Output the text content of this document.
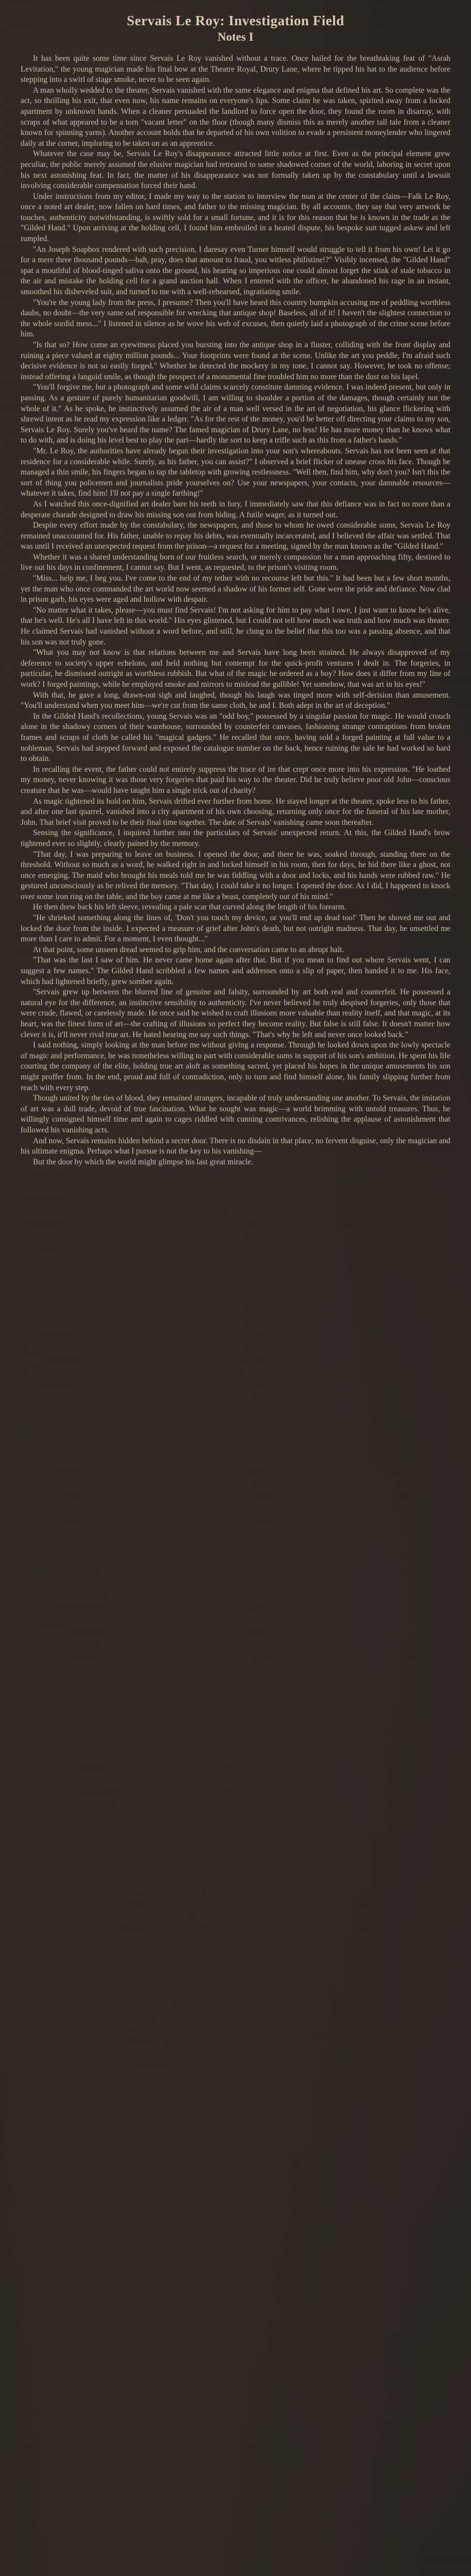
Servais Le Roy: Investigation Field
Notes I

It has been quite some time since Servais Le Roy vanished without a trace. Once hailed for the breathtaking feat of "Asrah Levitation," the young magician made his final bow at the Theatre Royal, Drury Lane, where he tipped his hat to the audience before stepping into a swirl of stage smoke, never to be seen again.

A man wholly wedded to the theater, Servais vanished with the same elegance and enigma that defined his art. So complete was the act, so thrilling his exit, that even now, his name remains on everyone's lips. Some claim he was taken, spirited away from a locked apartment by unknown hands. When a cleaner persuaded the landlord to force open the door, they found the room in disarray, with scraps of what appeared to be a torn "vacant letter" on the floor (though many dismiss this as merely another tall tale from a cleaner known for spinning yarns). Another account holds that he departed of his own volition to evade a persistent moneylender who lingered daily at the corner, imploring to be taken on as an apprentice.

Whatever the case may be, Servais Le Roy's disappearance attracted little notice at first. Even as the principal element grew peculiar, the public merely assumed the elusive magician had retreated to some shadowed corner of the world, laboring in secret upon his next astonishing feat. In fact, the matter of his disappearance was not formally taken up by the constabulary until a lawsuit involving considerable compensation forced their hand.

Under instructions from my editor, I made my way to the station to interview the man at the center of the claim—Falk Le Roy, once a noted art dealer, now fallen on hard times, and father to the missing magician. By all accounts, they say that very artwork he touches, authenticity notwithstanding, is swiftly sold for a small fortune, and it is for this reason that he is known in the trade as the "Gilded Hand." Upon arriving at the holding cell, I found him embroiled in a heated dispute, his bespoke suit tugged askew and left rumpled.

"An Joseph Soapbox rendered with such precision, I daresay even Turner himself would struggle to tell it from his own! Let it go for a mere three thousand pounds—bah, pray, does that amount to fraud, you witless philistine!?" Visibly incensed, the "Gilded Hand" spat a mouthful of blood-tinged saliva onto the ground, his hearing so imperious one could almost forget the stink of stale tobacco in the air and mistake the holding cell for a grand auction hall. When I entered with the officer, he abandoned his rage in an instant, smoothed his disheveled suit, and turned to me with a well-rehearsed, ingratiating smile.

"You're the young lady from the press, I presume? Then you'll have heard this country bumpkin accusing me of peddling worthless daubs, no doubt—the very same oaf responsible for wrecking that antique shop! Baseless, all of it! I haven't the slightest connection to the whole sordid mess..." I listened in silence as he wove his web of excuses, then quietly laid a photograph of the crime scene before him.

"Is that so? How come an eyewitness placed you bursting into the antique shop in a fluster, colliding with the front display and ruining a piece valued at eighty million pounds... Your footprints were found at the scene. Unlike the art you peddle, I'm afraid such decisive evidence is not so easily forged." Whether he detected the mockery in my tone, I cannot say. However, he took no offense; instead offering a languid smile, as though the prospect of a monumental fine troubled him no more than the dust on his lapel.

"You'll forgive me, but a photograph and some wild claims scarcely constitute damning evidence. I was indeed present, but only in passing. As a gesture of purely humanitarian goodwill, I am willing to shoulder a portion of the damages, though certainly not the whole of it." As he spoke, he instinctively assumed the air of a man well versed in the art of negotiation, his glance flickering with shrewd intent as he read my expression like a ledger. "As for the rest of the money, you'd be better off directing your claims to my son, Servais Le Roy. Surely you've heard the name? The famed magician of Drury Lane, no less! He has more money than he knows what to do with, and is doing his level best to play the part—hardly the sort to keep a trifle such as this from a father's hands."

"Mr. Le Roy, the authorities have already begun their investigation into your son's whereabouts. Servais has not been seen at that residence for a considerable while. Surely, as his father, you can assist?" I observed a brief flicker of unease cross his face. Though he managed a thin smile, his fingers began to tap the tabletop with growing restlessness. "Well then, find him, why don't you? Isn't this the sort of thing you policemen and journalists pride yourselves on? Use your newspapers, your contacts, your damnable resources—whatever it takes, find him! I'll not pay a single farthing!"

As I watched this once-dignified art dealer bare his teeth in fury, I immediately saw that this defiance was in fact no more than a desperate charade designed to draw his missing son out from hiding. A futile wager, as it turned out.

Despite every effort made by the constabulary, the newspapers, and those to whom he owed considerable sums, Servais Le Roy remained unaccounted for. His father, unable to repay his debts, was eventually incarcerated, and I believed the affair was settled. That was until I received an unexpected request from the prison—a request for a meeting, signed by the man known as the "Gilded Hand."

Whether it was a shared understanding born of our fruitless search, or merely compassion for a man approaching fifty, destined to live out his days in confinement, I cannot say. But I went, as requested, to the prison's visiting room.

"Miss... help me, I beg you. I've come to the end of my tether with no recourse left but this." It had been but a few short months, yet the man who once commanded the art world now seemed a shadow of his former self. Gone were the pride and defiance. Now clad in prison garb, his eyes were aged and hollow with despair.

"No matter what it takes, please—you must find Servais! I'm not asking for him to pay what I owe, I just want to know he's alive, that he's well. He's all I have left in this world." His eyes glistened, but I could not tell how much was truth and how much was theater. He claimed Servais had vanished without a word before, and still, he clung to the belief that this too was a passing absence, and that his son was not truly gone.

"What you may not know is that relations between me and Servais have long been strained. He always disapproved of my deference to society's upper echelons, and held nothing but contempt for the quick-profit ventures I dealt in. The forgeries, in particular, he dismissed outright as worthless rubbish. But what of the magic he ordered as a boy? How does it differ from my line of work? I forged paintings, while he employed smoke and mirrors to mislead the gullible! Yet somehow, that was art in his eyes!"

With that, he gave a long, drawn-out sigh and laughed, though his laugh was tinged more with self-derision than amusement. "You'll understand when you meet him—we're cut from the same cloth, he and I. Both adept in the art of deception."

In the Gilded Hand's recollections, young Servais was an "odd boy," possessed by a singular passion for magic. He would crouch alone in the shadowy corners of their warehouse, surrounded by counterfeit canvases, fashioning strange contraptions from broken frames and scraps of cloth he called his "magical gadgets." He recalled that once, having sold a forged painting at full value to a nobleman, Servais had stepped forward and exposed the catalogue number on the back, hence ruining the sale he had worked so hard to obtain.

In recalling the event, the father could not entirely suppress the trace of ire that crept once more into his expression. "He loathed my money, never knowing it was those very forgeries that paid his way to the theater. Did he truly believe poor old John—conscious creature that he was—would have taught him a single trick out of charity?

As magic tightened its hold on him, Servais drifted ever further from home. He stayed longer at the theater, spoke less to his father, and after one last quarrel, vanished into a city apartment of his own choosing, returning only once for the funeral of his late mother, John. That brief visit proved to be their final time together. The date of Servais' vanishing came soon thereafter.

Sensing the significance, I inquired further into the particulars of Servais' unexpected return. At this, the Gilded Hand's brow tightened ever so slightly, clearly pained by the memory.

"That day, I was preparing to leave on business. I opened the door, and there he was, soaked through, standing there on the threshold. Without so much as a word, he walked right in and locked himself in his room, then for days, he hid there like a ghost, not once emerging. The maid who brought his meals told me he was fiddling with a door and locks, and his hands were rubbed raw." He gestured unconsciously as he relived the memory. "That day, I could take it no longer. I opened the door. As I did, I happened to knock over some iron ring on the table, and the boy came at me like a beast, completely out of his mind."

He then drew back his left sleeve, revealing a pale scar that curved along the length of his forearm.

"He shrieked something along the lines of, 'Don't you touch my device, or you'll end up dead too!' Then he shoved me out and locked the door from the inside. I expected a measure of grief after John's death, but not outright madness. That day, he unsettled me more than I care to admit. For a moment, I even thought..."

At that point, some unseen dread seemed to grip him, and the conversation came to an abrupt halt.

"That was the last I saw of him. He never came home again after that. But if you mean to find out where Servais went, I can suggest a few names." The Gilded Hand scribbled a few names and addresses onto a slip of paper, then handed it to me. His face, which had lightened briefly, grew somber again.

"Servais grew up between the blurred line of genuine and falsity, surrounded by art both real and counterfeit. He possessed a natural eye for the difference, an instinctive sensibility to authenticity. I've never believed he truly despised forgeries, only those that were crude, flawed, or carelessly made. He once said he wished to craft illusions more valuable than reality itself, and that magic, at its heart, was the finest form of art—the crafting of illusions so perfect they become reality. But false is still false. It doesn't matter how clever it is, it'll never rival true art. He hated hearing me say such things. "That's why he left and never once looked back."

I said nothing, simply looking at the man before me without giving a response. Through he looked down upon the lowly spectacle of magic and performance, he was nonetheless willing to part with considerable sums in support of his son's ambition. He spent his life courting the company of the elite, holding true art aloft as something sacred, yet placed his hopes in the unique amusements his son might proffer from. In the end, proud and full of contradiction, only to turn and find himself alone, his family slipping further from reach with every step.

Though united by the ties of blood, they remained strangers, incapable of truly understanding one another. To Servais, the imitation of art was a dull trade, devoid of true fascination. What he sought was magic—a world brimming with untold treasures. Thus, he willingly consigned himself time and again to cages riddled with cunning contrivances, relishing the applause of astonishment that followed his vanishing acts.

And now, Servais remains hidden behind a secret door. There is no disdain in that place, no fervent disguise, only the magician and his ultimate enigma. Perhaps what I pursue is not the key to his vanishing—

But the door by which the world might glimpse his last great miracle.
